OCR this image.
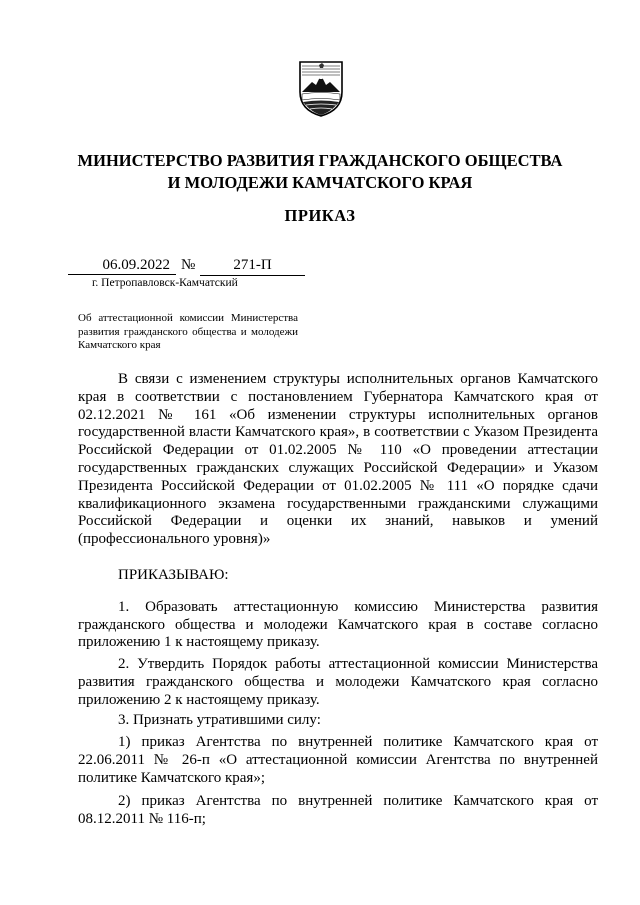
МИНИСТЕРСТВО РАЗВИТИЯ ГРАЖДАНСКОГО ОБЩЕСТВА
И МОЛОДЕЖИ КАМЧАТСКОГО КРАЯ
ПРИКАЗ
06.09.2022 №	271-П
г. Петропавловск-Камчатский
Об аттестационной комиссии Министерства развития гражданского общества и молодежи Камчатского края

В связи с изменением структуры исполнительных органов Камчатского края в соответствии с постановлением Губернатора Камчатского края от 02.12.2021 № 161 «Об изменении структуры исполнительных органов государственной власти Камчатского края», в соответствии с Указом Президента Российской Федерации от 01.02.2005 № 110 «О проведении аттестации государственных гражданских служащих Российской Федерации» и Указом Президента Российской Федерации от 01.02.2005 № 111 «О порядке сдачи квалификационного экзамена государственными гражданскими служащими Российской Федерации и оценки их знаний, навыков и умений (профессионального уровня)»

ПРИКАЗЫВАЮ:

1. Образовать аттестационную комиссию Министерства развития гражданского общества и молодежи Камчатского края в составе согласно приложению 1 к настоящему приказу.

2. Утвердить Порядок работы аттестационной комиссии Министерства развития гражданского общества и молодежи Камчатского края согласно приложению 2 к настоящему приказу.

3. Признать утратившими силу:

1) приказ Агентства по внутренней политике Камчатского края от 22.06.2011 № 26-п «О аттестационной комиссии Агентства по внутренней политике Камчатского края»;

2) приказ Агентства по внутренней политике Камчатского края от 08.12.2011 № 116-п;
